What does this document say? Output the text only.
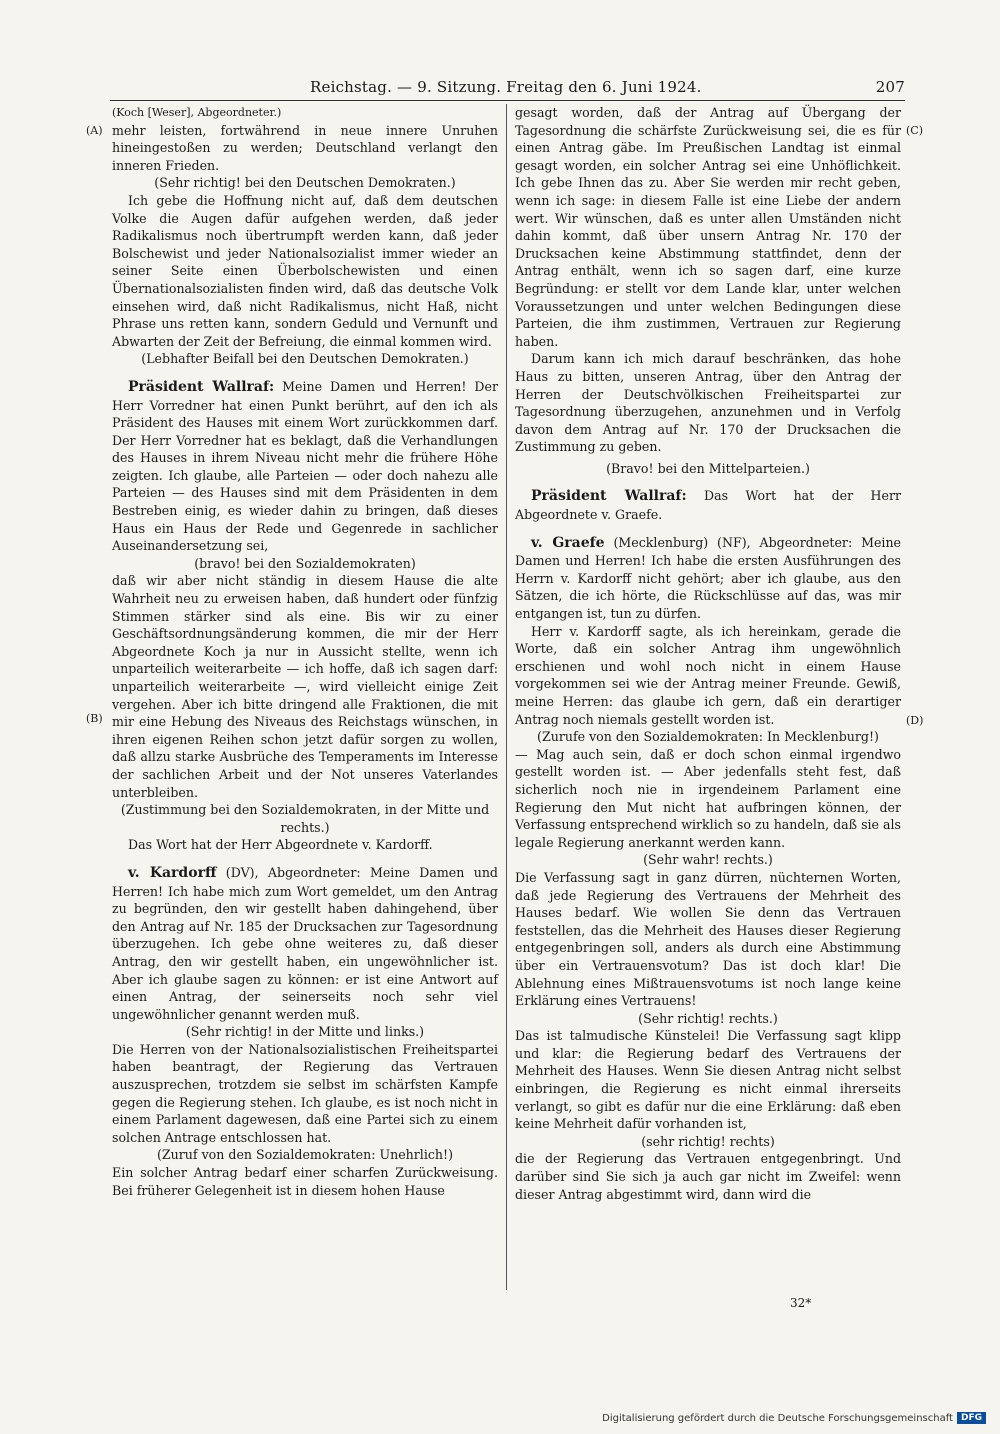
Reichstag. — 9. Sitzung. Freitag den 6. Juni 1924.	207
(A)
(B)
(C)
(D)

(Koch [Weser], Abgeordneter.)

mehr leisten, fortwährend in neue innere Unruhen hineingestoßen zu werden; Deutschland verlangt den inneren Frieden.

(Sehr richtig! bei den Deutschen Demokraten.)

Ich gebe die Hoffnung nicht auf, daß dem deutschen Volke die Augen dafür aufgehen werden, daß jeder Radikalismus noch übertrumpft werden kann, daß jeder Bolschewist und jeder Nationalsozialist immer wieder an seiner Seite einen Überbolschewisten und einen Übernationalsozialisten finden wird, daß das deutsche Volk einsehen wird, daß nicht Radikalismus, nicht Haß, nicht Phrase uns retten kann, sondern Geduld und Vernunft und Abwarten der Zeit der Befreiung, die einmal kommen wird.

(Lebhafter Beifall bei den Deutschen Demokraten.)

Präsident Wallraf: Meine Damen und Herren! Der Herr Vorredner hat einen Punkt berührt, auf den ich als Präsident des Hauses mit einem Wort zurückkommen darf. Der Herr Vorredner hat es beklagt, daß die Verhandlungen des Hauses in ihrem Niveau nicht mehr die frühere Höhe zeigten. Ich glaube, alle Parteien — oder doch nahezu alle Parteien — des Hauses sind mit dem Präsidenten in dem Bestreben einig, es wieder dahin zu bringen, daß dieses Haus ein Haus der Rede und Gegenrede in sachlicher Auseinandersetzung sei,

(bravo! bei den Sozialdemokraten)

daß wir aber nicht ständig in diesem Hause die alte Wahrheit neu zu erweisen haben, daß hundert oder fünfzig Stimmen stärker sind als eine. Bis wir zu einer Geschäftsordnungsänderung kommen, die mir der Herr Abgeordnete Koch ja nur in Aussicht stellte, wenn ich unparteilich weiterarbeite — ich hoffe, daß ich sagen darf: unparteilich weiterarbeite —, wird vielleicht einige Zeit vergehen. Aber ich bitte dringend alle Fraktionen, die mit mir eine Hebung des Niveaus des Reichstags wünschen, in ihren eigenen Reihen schon jetzt dafür sorgen zu wollen, daß allzu starke Ausbrüche des Temperaments im Interesse der sachlichen Arbeit und der Not unseres Vaterlandes unterbleiben.

(Zustimmung bei den Sozialdemokraten, in der Mitte und rechts.)

Das Wort hat der Herr Abgeordnete v. Kardorff.

v. Kardorff (DV), Abgeordneter: Meine Damen und Herren! Ich habe mich zum Wort gemeldet, um den Antrag zu begründen, den wir gestellt haben dahingehend, über den Antrag auf Nr. 185 der Drucksachen zur Tagesordnung überzugehen. Ich gebe ohne weiteres zu, daß dieser Antrag, den wir gestellt haben, ein ungewöhnlicher ist. Aber ich glaube sagen zu können: er ist eine Antwort auf einen Antrag, der seinerseits noch sehr viel ungewöhnlicher genannt werden muß.

(Sehr richtig! in der Mitte und links.)

Die Herren von der Nationalsozialistischen Freiheitspartei haben beantragt, der Regierung das Vertrauen auszusprechen, trotzdem sie selbst im schärfsten Kampfe gegen die Regierung stehen. Ich glaube, es ist noch nicht in einem Parlament dagewesen, daß eine Partei sich zu einem solchen Antrage entschlossen hat.

(Zuruf von den Sozialdemokraten: Unehrlich!)

Ein solcher Antrag bedarf einer scharfen Zurückweisung. Bei früherer Gelegenheit ist in diesem hohen Hause

gesagt worden, daß der Antrag auf Übergang der Tagesordnung die schärfste Zurückweisung sei, die es für einen Antrag gäbe. Im Preußischen Landtag ist einmal gesagt worden, ein solcher Antrag sei eine Unhöflichkeit. Ich gebe Ihnen das zu. Aber Sie werden mir recht geben, wenn ich sage: in diesem Falle ist eine Liebe der andern wert. Wir wünschen, daß es unter allen Umständen nicht dahin kommt, daß über unsern Antrag Nr. 170 der Drucksachen keine Abstimmung stattfindet, denn der Antrag enthält, wenn ich so sagen darf, eine kurze Begründung: er stellt vor dem Lande klar, unter welchen Voraussetzungen und unter welchen Bedingungen diese Parteien, die ihm zustimmen, Vertrauen zur Regierung haben.

Darum kann ich mich darauf beschränken, das hohe Haus zu bitten, unseren Antrag, über den Antrag der Herren der Deutschvölkischen Freiheitspartei zur Tagesordnung überzugehen, anzunehmen und in Verfolg davon dem Antrag auf Nr. 170 der Drucksachen die Zustimmung zu geben.

(Bravo! bei den Mittelparteien.)

Präsident Wallraf: Das Wort hat der Herr Abgeordnete v. Graefe.

v. Graefe (Mecklenburg) (NF), Abgeordneter: Meine Damen und Herren! Ich habe die ersten Ausführungen des Herrn v. Kardorff nicht gehört; aber ich glaube, aus den Sätzen, die ich hörte, die Rückschlüsse auf das, was mir entgangen ist, tun zu dürfen.

Herr v. Kardorff sagte, als ich hereinkam, gerade die Worte, daß ein solcher Antrag ihm ungewöhnlich erschienen und wohl noch nicht in einem Hause vorgekommen sei wie der Antrag meiner Freunde. Gewiß, meine Herren: das glaube ich gern, daß ein derartiger Antrag noch niemals gestellt worden ist.

(Zurufe von den Sozialdemokraten: In Mecklenburg!)

— Mag auch sein, daß er doch schon einmal irgendwo gestellt worden ist. — Aber jedenfalls steht fest, daß sicherlich noch nie in irgendeinem Parlament eine Regierung den Mut nicht hat aufbringen können, der Verfassung entsprechend wirklich so zu handeln, daß sie als legale Regierung anerkannt werden kann.

(Sehr wahr! rechts.)

Die Verfassung sagt in ganz dürren, nüchternen Worten, daß jede Regierung des Vertrauens der Mehrheit des Hauses bedarf. Wie wollen Sie denn das Vertrauen feststellen, das die Mehrheit des Hauses dieser Regierung entgegenbringen soll, anders als durch eine Abstimmung über ein Vertrauensvotum? Das ist doch klar! Die Ablehnung eines Mißtrauensvotums ist noch lange keine Erklärung eines Vertrauens!

(Sehr richtig! rechts.)

Das ist talmudische Künstelei! Die Verfassung sagt klipp und klar: die Regierung bedarf des Vertrauens der Mehrheit des Hauses. Wenn Sie diesen Antrag nicht selbst einbringen, die Regierung es nicht einmal ihrerseits verlangt, so gibt es dafür nur die eine Erklärung: daß eben keine Mehrheit dafür vorhanden ist,

(sehr richtig! rechts)

die der Regierung das Vertrauen entgegenbringt. Und darüber sind Sie sich ja auch gar nicht im Zweifel: wenn dieser Antrag abgestimmt wird, dann wird die

32*
Digitalisierung gefördert durch die Deutsche Forschungsgemeinschaft DFG
